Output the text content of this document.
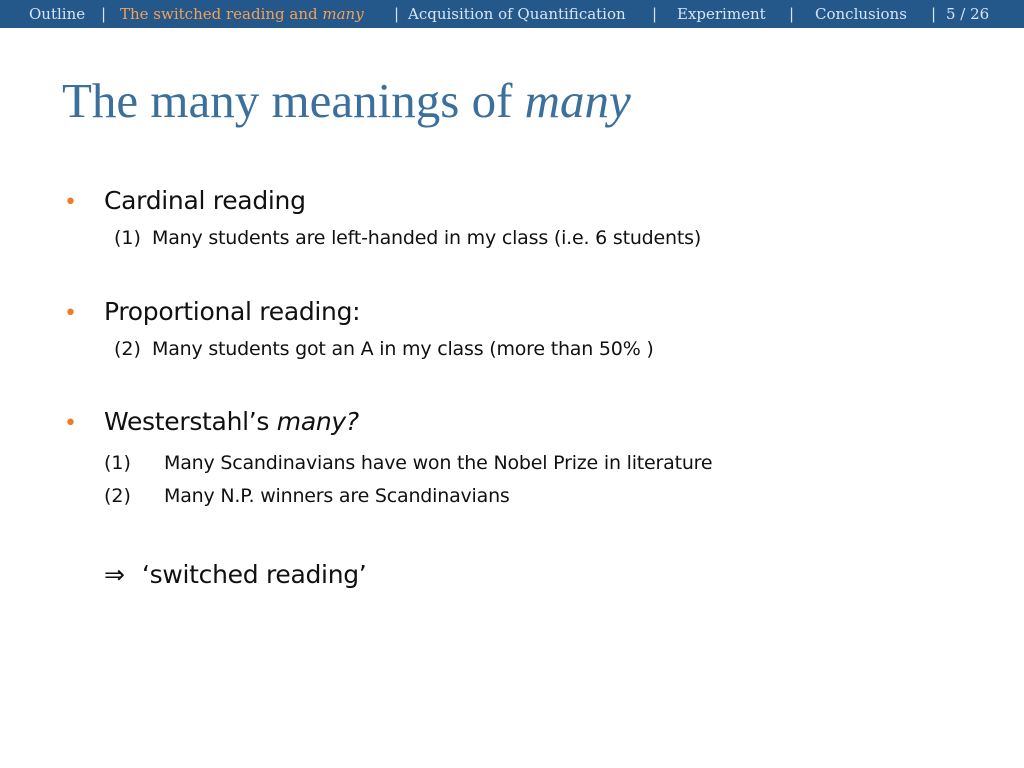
Outline | The switched reading and many | Acquisition of Quantification | Experiment | Conclusions | 5 / 26
The many meanings of many
• Cardinal reading
(1) Many students are left-handed in my class (i.e. 6 students)
• Proportional reading:
(2) Many students got an A in my class (more than 50% )
• Westerstahl’s many?
(1) Many Scandinavians have won the Nobel Prize in literature
(2) Many N.P. winners are Scandinavians
⇒ ‘switched reading’
